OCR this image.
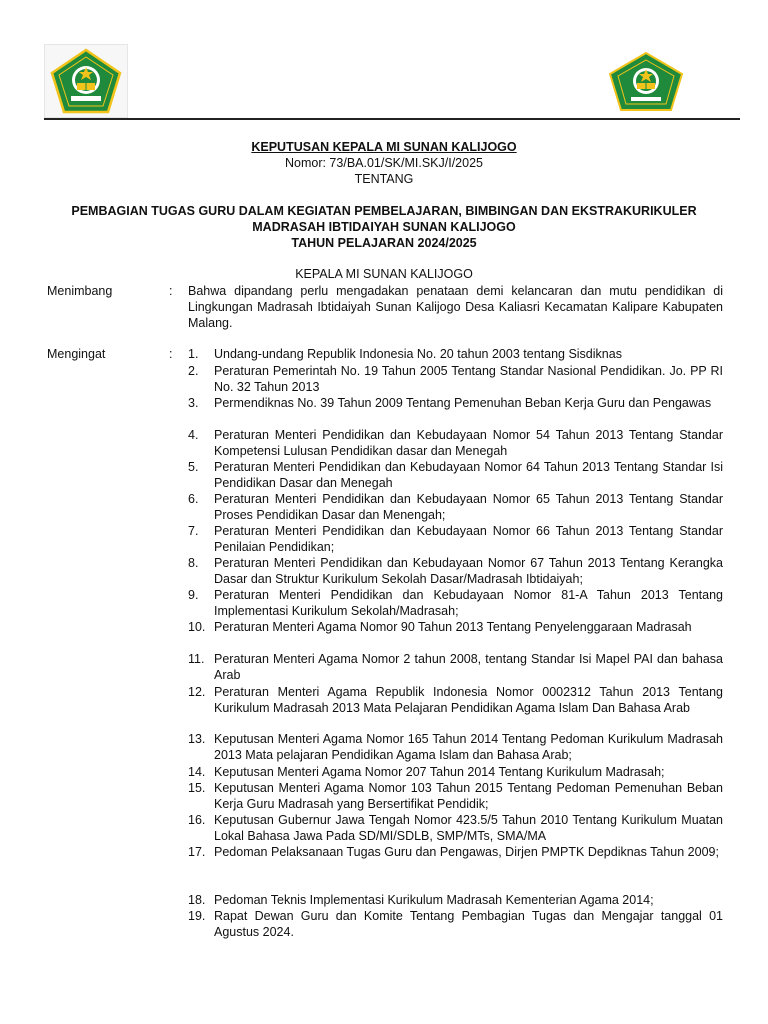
KEPUTUSAN KEPALA MI SUNAN KALIJOGO
Nomor: 73/BA.01/SK/MI.SKJ/I/2025
TENTANG
PEMBAGIAN TUGAS GURU DALAM KEGIATAN PEMBELAJARAN, BIMBINGAN DAN EKSTRAKURIKULER
MADRASAH IBTIDAIYAH SUNAN KALIJOGO
TAHUN PELAJARAN 2024/2025
KEPALA MI SUNAN KALIJOGO
Menimbang	: Bahwa dipandang perlu mengadakan penataan demi kelancaran dan mutu pendidikan di Lingkungan Madrasah Ibtidaiyah Sunan Kalijogo Desa Kaliasri Kecamatan Kalipare Kabupaten Malang.
Mengingat	: 1.	Undang-undang Republik Indonesia No. 20 tahun 2003 tentang Sisdiknas
2.	Peraturan Pemerintah No. 19 Tahun 2005 Tentang Standar Nasional Pendidikan. Jo. PP RI No. 32 Tahun 2013
3.	Permendiknas No. 39 Tahun 2009 Tentang Pemenuhan Beban Kerja Guru dan Pengawas
4.	Peraturan Menteri Pendidikan dan Kebudayaan Nomor 54 Tahun 2013 Tentang Standar Kompetensi Lulusan Pendidikan dasar dan Menegah
5.	Peraturan Menteri Pendidikan dan Kebudayaan Nomor 64 Tahun 2013 Tentang Standar Isi Pendidikan Dasar dan Menegah
6.	Peraturan Menteri Pendidikan dan Kebudayaan Nomor 65 Tahun 2013 Tentang Standar Proses Pendidikan Dasar dan Menengah;
7.	Peraturan Menteri Pendidikan dan Kebudayaan Nomor 66 Tahun 2013 Tentang Standar Penilaian Pendidikan;
8.	Peraturan Menteri Pendidikan dan Kebudayaan Nomor 67 Tahun 2013 Tentang Kerangka Dasar dan Struktur Kurikulum Sekolah Dasar/Madrasah Ibtidaiyah;
9.	Peraturan Menteri Pendidikan dan Kebudayaan Nomor 81-A Tahun 2013 Tentang Implementasi Kurikulum Sekolah/Madrasah;
10. Peraturan Menteri Agama Nomor 90 Tahun 2013 Tentang Penyelenggaraan Madrasah
11. Peraturan Menteri Agama Nomor 2 tahun 2008, tentang Standar Isi Mapel PAI dan bahasa Arab
12. Peraturan Menteri Agama Republik Indonesia Nomor 0002312 Tahun 2013 Tentang Kurikulum Madrasah 2013 Mata Pelajaran Pendidikan Agama Islam Dan Bahasa Arab
13. Keputusan Menteri Agama Nomor 165 Tahun 2014 Tentang Pedoman Kurikulum Madrasah 2013 Mata pelajaran Pendidikan Agama Islam dan Bahasa Arab;
14. Keputusan Menteri Agama Nomor 207 Tahun 2014 Tentang Kurikulum Madrasah;
15. Keputusan Menteri Agama Nomor 103 Tahun 2015 Tentang Pedoman Pemenuhan Beban Kerja Guru Madrasah yang Bersertifikat Pendidik;
16. Keputusan Gubernur Jawa Tengah Nomor 423.5/5 Tahun 2010 Tentang Kurikulum Muatan Lokal Bahasa Jawa Pada SD/MI/SDLB, SMP/MTs, SMA/MA
17. Pedoman Pelaksanaan Tugas Guru dan Pengawas, Dirjen PMPTK Depdiknas Tahun 2009;
18. Pedoman Teknis Implementasi Kurikulum Madrasah Kementerian Agama 2014;
19. Rapat Dewan Guru dan Komite Tentang Pembagian Tugas dan Mengajar tanggal 01 Agustus 2024.
